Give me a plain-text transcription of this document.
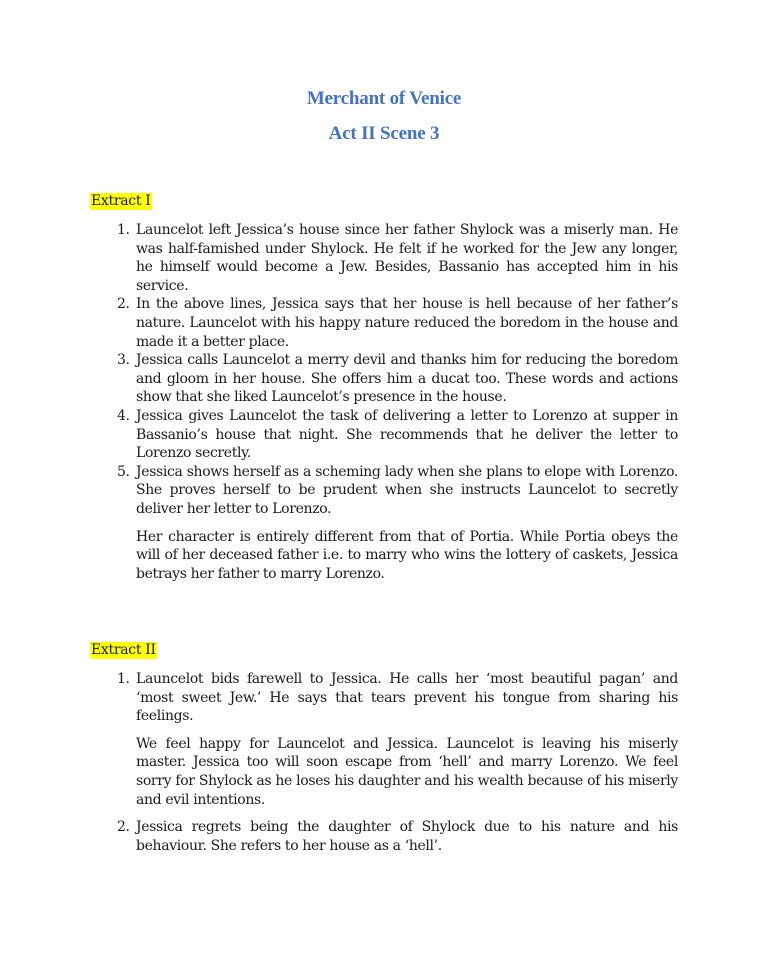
Merchant of Venice
Act II Scene 3
Extract I
1. Launcelot left Jessica’s house since her father Shylock was a miserly man. He was half-famished under Shylock. He felt if he worked for the Jew any longer, he himself would become a Jew. Besides, Bassanio has accepted him in his service.
2. In the above lines, Jessica says that her house is hell because of her father’s nature. Launcelot with his happy nature reduced the boredom in the house and made it a better place.
3. Jessica calls Launcelot a merry devil and thanks him for reducing the boredom and gloom in her house. She offers him a ducat too. These words and actions show that she liked Launcelot’s presence in the house.
4. Jessica gives Launcelot the task of delivering a letter to Lorenzo at supper in Bassanio’s house that night. She recommends that he deliver the letter to Lorenzo secretly.
5. Jessica shows herself as a scheming lady when she plans to elope with Lorenzo. She proves herself to be prudent when she instructs Launcelot to secretly deliver her letter to Lorenzo.
Her character is entirely different from that of Portia. While Portia obeys the will of her deceased father i.e. to marry who wins the lottery of caskets, Jessica betrays her father to marry Lorenzo.
Extract II
1. Launcelot bids farewell to Jessica. He calls her ‘most beautiful pagan’ and ‘most sweet Jew.’ He says that tears prevent his tongue from sharing his feelings.
We feel happy for Launcelot and Jessica. Launcelot is leaving his miserly master. Jessica too will soon escape from ‘hell’ and marry Lorenzo. We feel sorry for Shylock as he loses his daughter and his wealth because of his miserly and evil intentions.
2. Jessica regrets being the daughter of Shylock due to his nature and his behaviour. She refers to her house as a ‘hell’.
